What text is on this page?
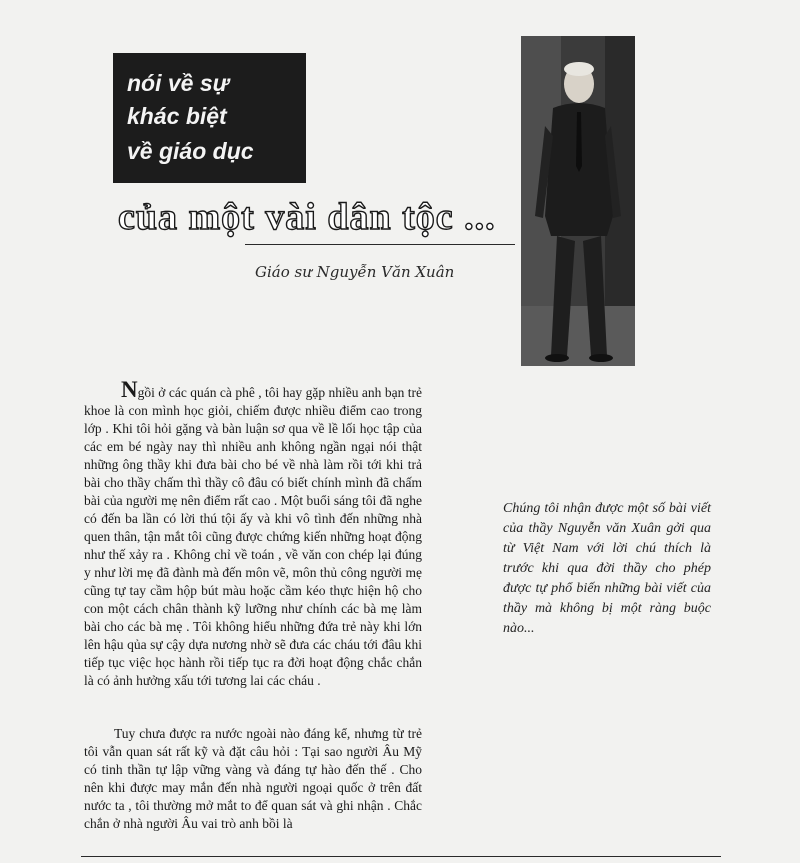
nói về sự
khác biệt
về giáo dục
của một vài dân tộc ...
Giáo sư Nguyễn Văn Xuân

Ngồi ở các quán cà phê , tôi hay gặp nhiều anh bạn trẻ khoe là con mình học giỏi, chiếm được nhiều điểm cao trong lớp . Khi tôi hỏi gặng và bàn luận sơ qua về lề lối học tập của các em bé ngày nay thì nhiều anh không ngần ngại nói thật những ông thầy khi đưa bài cho bé về nhà làm rồi tới khi trả bài cho thầy chấm thì thầy cô đâu có biết chính mình đã chấm bài của người mẹ nên điểm rất cao . Một buổi sáng tôi đã nghe có đến ba lần có lời thú tội ấy và khi vô tình đến những nhà quen thân, tận mắt tôi cũng được chứng kiến những hoạt động như thế xảy ra . Không chỉ về toán , về văn con chép lại đúng y như lời mẹ đã đành mà đến môn vẽ, môn thủ công người mẹ cũng tự tay cầm hộp bút màu hoặc cầm kéo thực hiện hộ cho con một cách chân thành kỹ lưỡng như chính các bà mẹ làm bài cho các bà mẹ . Tôi không hiểu những đứa trẻ này khi lớn lên hậu qủa sự cậy dựa nương nhờ sẽ đưa các cháu tới đâu khi tiếp tục việc học hành rồi tiếp tục ra đời hoạt động chắc chắn là có ảnh hưởng xấu tới tương lai các cháu .

Tuy chưa được ra nước ngoài nào đáng kể, nhưng từ trẻ tôi vẫn quan sát rất kỹ và đặt câu hỏi : Tại sao người Âu Mỹ có tinh thần tự lập vững vàng và đáng tự hào đến thế . Cho nên khi được may mắn đến nhà người ngoại quốc ở trên đất nước ta , tôi thường mở mắt to để quan sát và ghi nhận . Chắc chắn ở nhà người Âu vai trò anh bồi là

Chúng tôi nhận được một số bài viết của thầy Nguyễn văn Xuân gởi qua từ Việt Nam với lời chú thích là trước khi qua đời thầy cho phép được tự phổ biến những bài viết của thầy mà không bị một ràng buộc nào...
